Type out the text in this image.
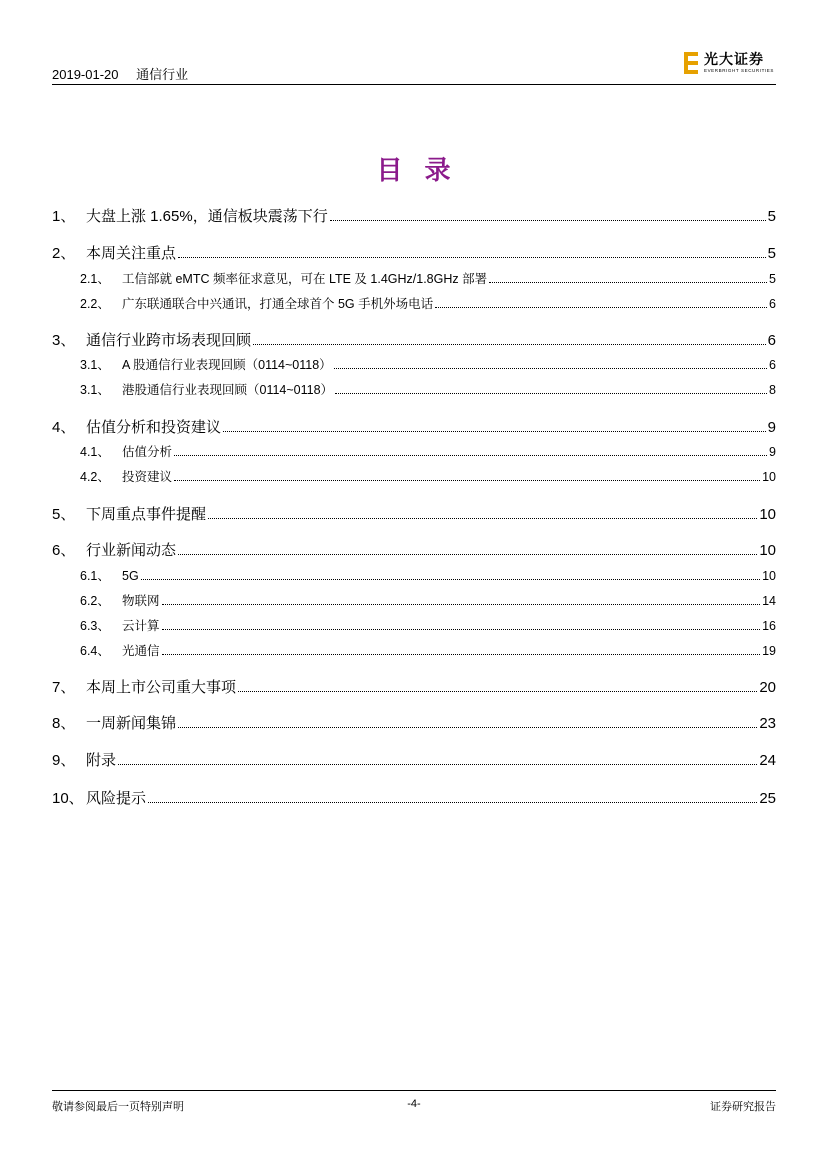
2019-01-20 通信行业
光大证券
EVERBRIGHT SECURITIES
目录
1、 大盘上涨 1.65%，通信板块震荡下行	5
2、 本周关注重点	5
2.1、 工信部就 eMTC 频率征求意见，可在 LTE 及 1.4GHz/1.8GHz 部署	5
2.2、 广东联通联合中兴通讯，打通全球首个 5G 手机外场电话	6
3、 通信行业跨市场表现回顾	6
3.1、 A 股通信行业表现回顾（0114~0118）	6
3.1、 港股通信行业表现回顾（0114~0118）	8
4、 估值分析和投资建议	9
4.1、 估值分析	9
4.2、 投资建议	10
5、 下周重点事件提醒	10
6、 行业新闻动态	10
6.1、 5G	10
6.2、 物联网	14
6.3、 云计算	16
6.4、 光通信	19
7、 本周上市公司重大事项	20
8、 一周新闻集锦	23
9、 附录	24
10、 风险提示	25
敬请参阅最后一页特别声明	-4-	证券研究报告
